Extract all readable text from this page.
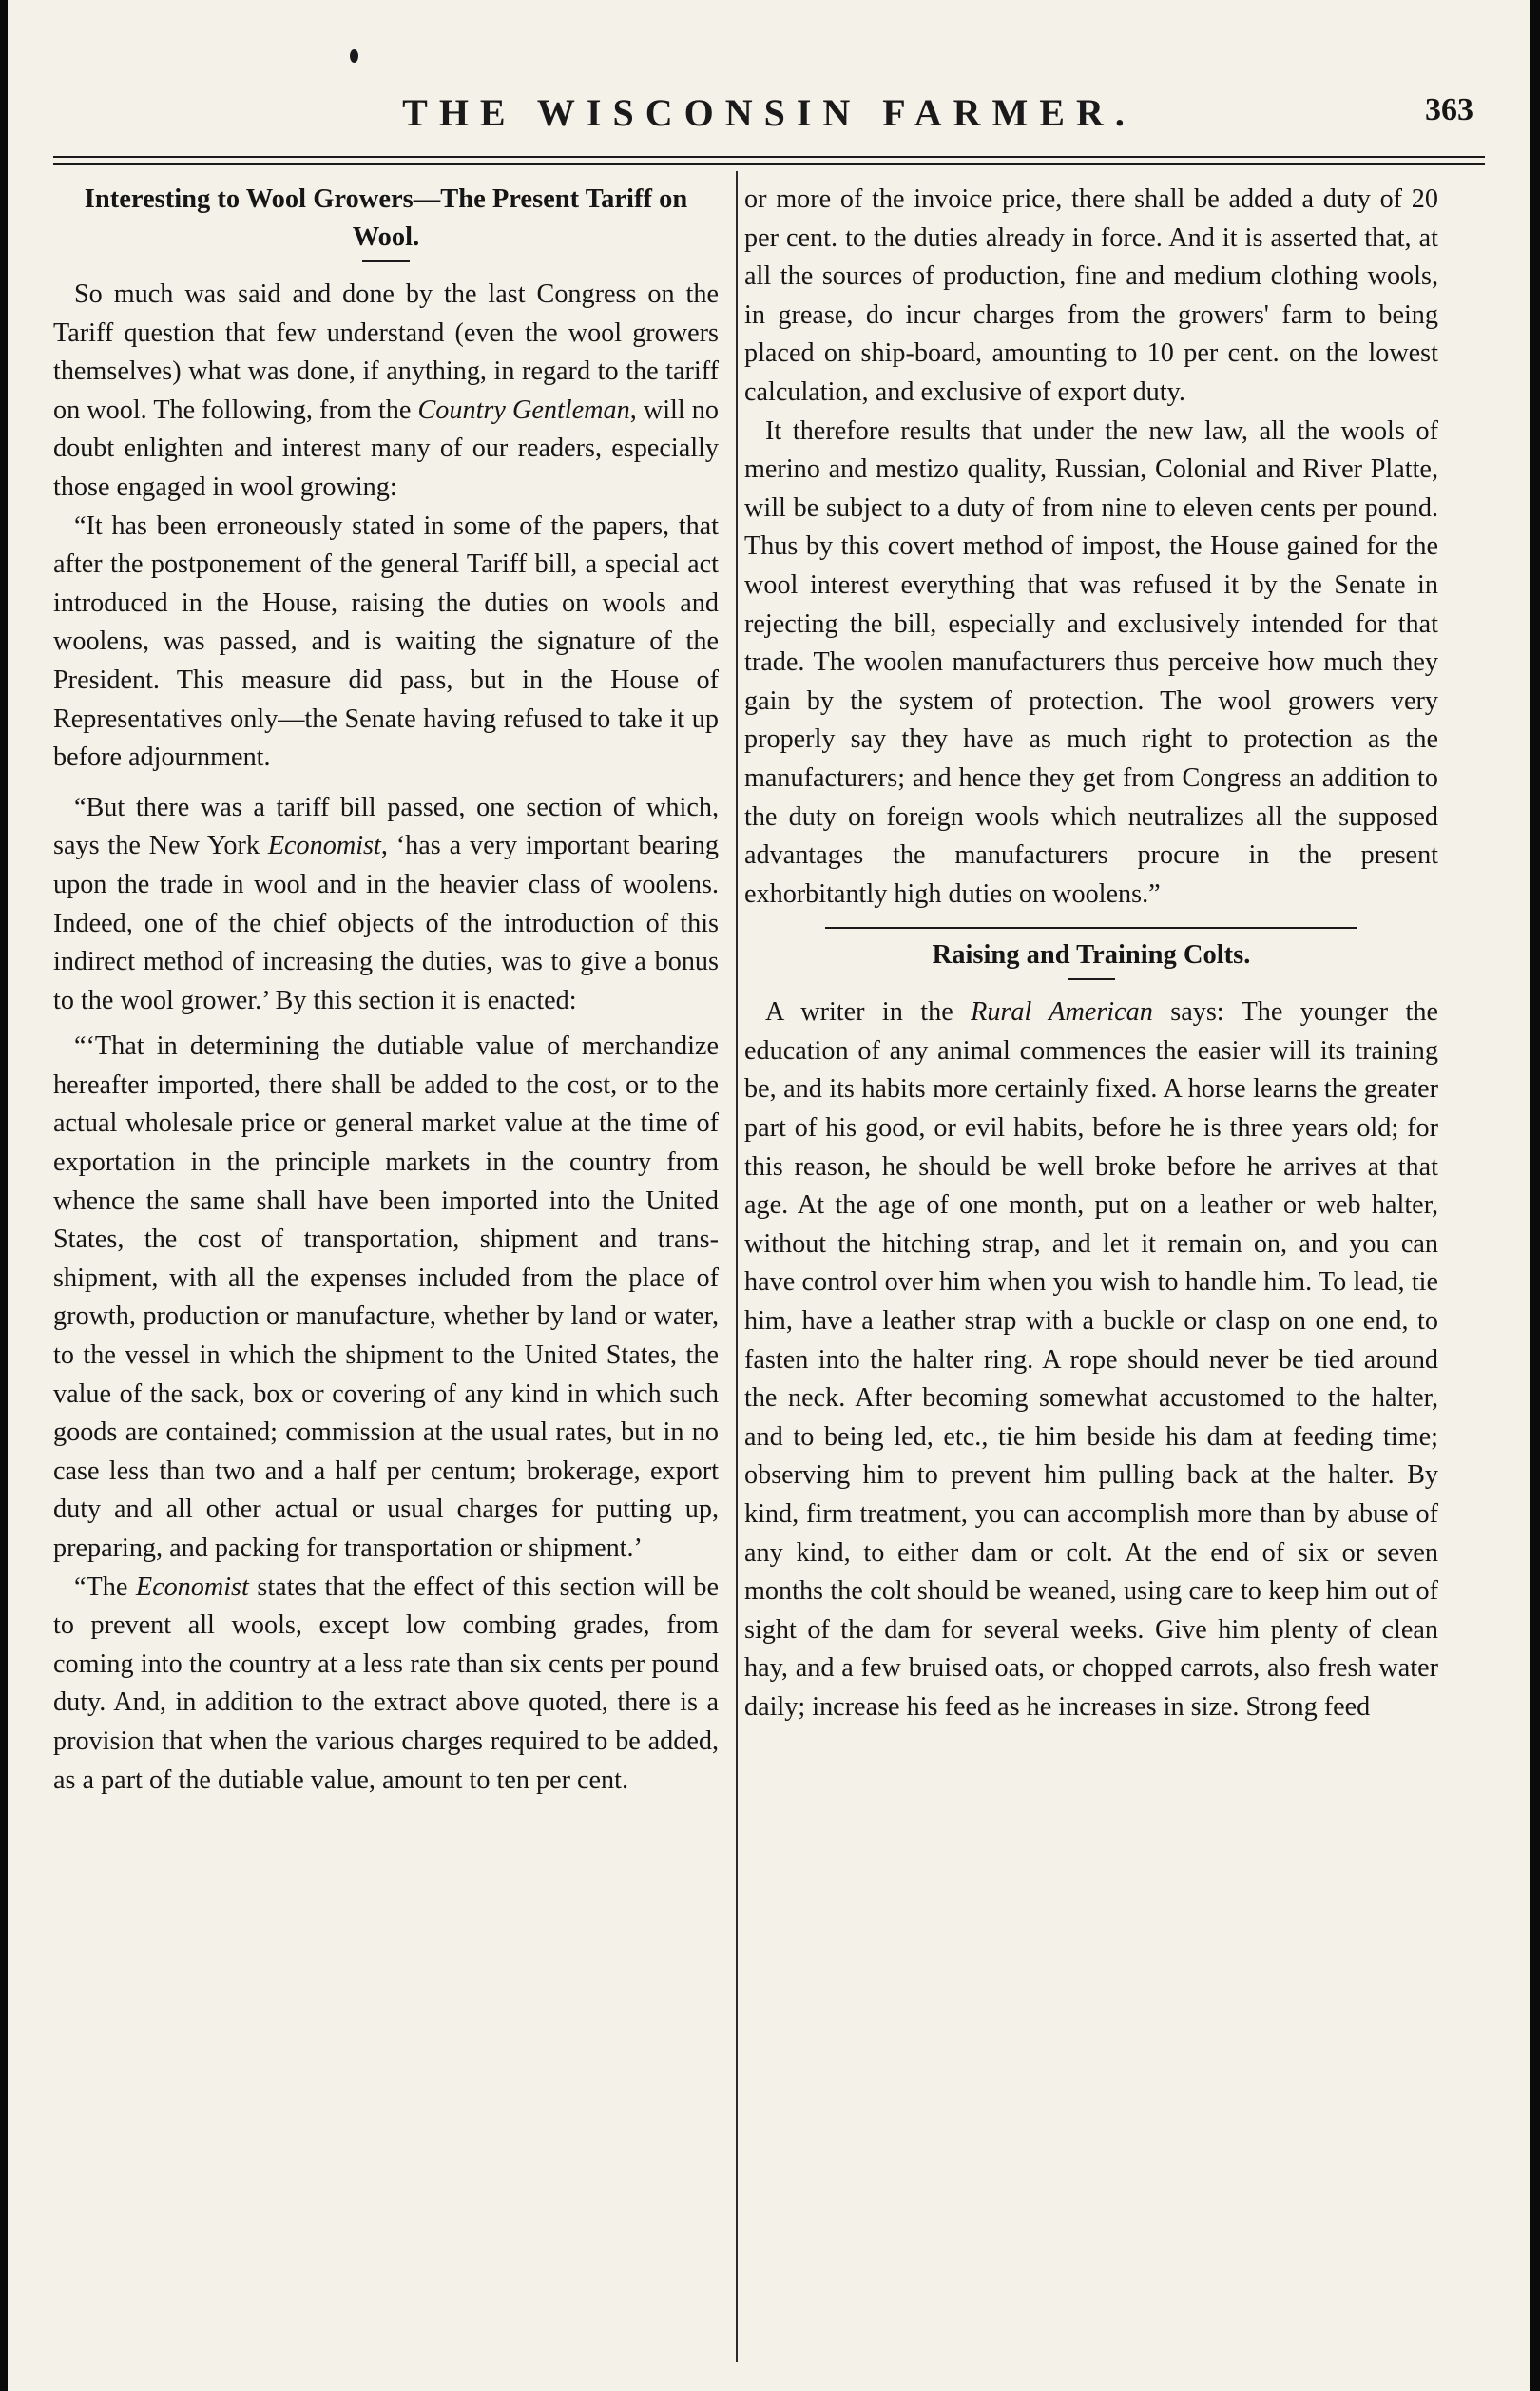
THE WISCONSIN FARMER.	363
Interesting to Wool Growers—The Present Tariff on Wool.

So much was said and done by the last Congress on the Tariff question that few understand (even the wool growers themselves) what was done, if anything, in regard to the tariff on wool. The following, from the Country Gentleman, will no doubt enlighten and interest many of our readers, especially those engaged in wool growing:

“It has been erroneously stated in some of the papers, that after the postponement of the general Tariff bill, a special act introduced in the House, raising the duties on wools and woolens, was passed, and is waiting the signature of the President. This measure did pass, but in the House of Representatives only—the Senate having refused to take it up before adjournment.

“But there was a tariff bill passed, one section of which, says the New York Economist, ‘has a very important bearing upon the trade in wool and in the heavier class of woolens. Indeed, one of the chief objects of the introduction of this indirect method of increasing the duties, was to give a bonus to the wool grower.’ By this section it is enacted:

“‘That in determining the dutiable value of merchandize hereafter imported, there shall be added to the cost, or to the actual wholesale price or general market value at the time of exportation in the principle markets in the country from whence the same shall have been imported into the United States, the cost of transportation, shipment and trans-shipment, with all the expenses included from the place of growth, production or manufacture, whether by land or water, to the vessel in which the shipment to the United States, the value of the sack, box or covering of any kind in which such goods are contained; commission at the usual rates, but in no case less than two and a half per centum; brokerage, export duty and all other actual or usual charges for putting up, preparing, and packing for transportation or shipment.’

“The Economist states that the effect of this section will be to prevent all wools, except low combing grades, from coming into the country at a less rate than six cents per pound duty. And, in addition to the extract above quoted, there is a provision that when the various charges required to be added, as a part of the dutiable value, amount to ten per cent.

or more of the invoice price, there shall be added a duty of 20 per cent. to the duties already in force. And it is asserted that, at all the sources of production, fine and medium clothing wools, in grease, do incur charges from the growers' farm to being placed on ship-board, amounting to 10 per cent. on the lowest calculation, and exclusive of export duty.

It therefore results that under the new law, all the wools of merino and mestizo quality, Russian, Colonial and River Platte, will be subject to a duty of from nine to eleven cents per pound. Thus by this covert method of impost, the House gained for the wool interest everything that was refused it by the Senate in rejecting the bill, especially and exclusively intended for that trade. The woolen manufacturers thus perceive how much they gain by the system of protection. The wool growers very properly say they have as much right to protection as the manufacturers; and hence they get from Congress an addition to the duty on foreign wools which neutralizes all the supposed advantages the manufacturers procure in the present exhorbitantly high duties on woolens.”

Raising and Training Colts.

A writer in the Rural American says: The younger the education of any animal commences the easier will its training be, and its habits more certainly fixed. A horse learns the greater part of his good, or evil habits, before he is three years old; for this reason, he should be well broke before he arrives at that age. At the age of one month, put on a leather or web halter, without the hitching strap, and let it remain on, and you can have control over him when you wish to handle him. To lead, tie him, have a leather strap with a buckle or clasp on one end, to fasten into the halter ring. A rope should never be tied around the neck. After becoming somewhat accustomed to the halter, and to being led, etc., tie him beside his dam at feeding time; observing him to prevent him pulling back at the halter. By kind, firm treatment, you can accomplish more than by abuse of any kind, to either dam or colt. At the end of six or seven months the colt should be weaned, using care to keep him out of sight of the dam for several weeks. Give him plenty of clean hay, and a few bruised oats, or chopped carrots, also fresh water daily; increase his feed as he increases in size. Strong feed
